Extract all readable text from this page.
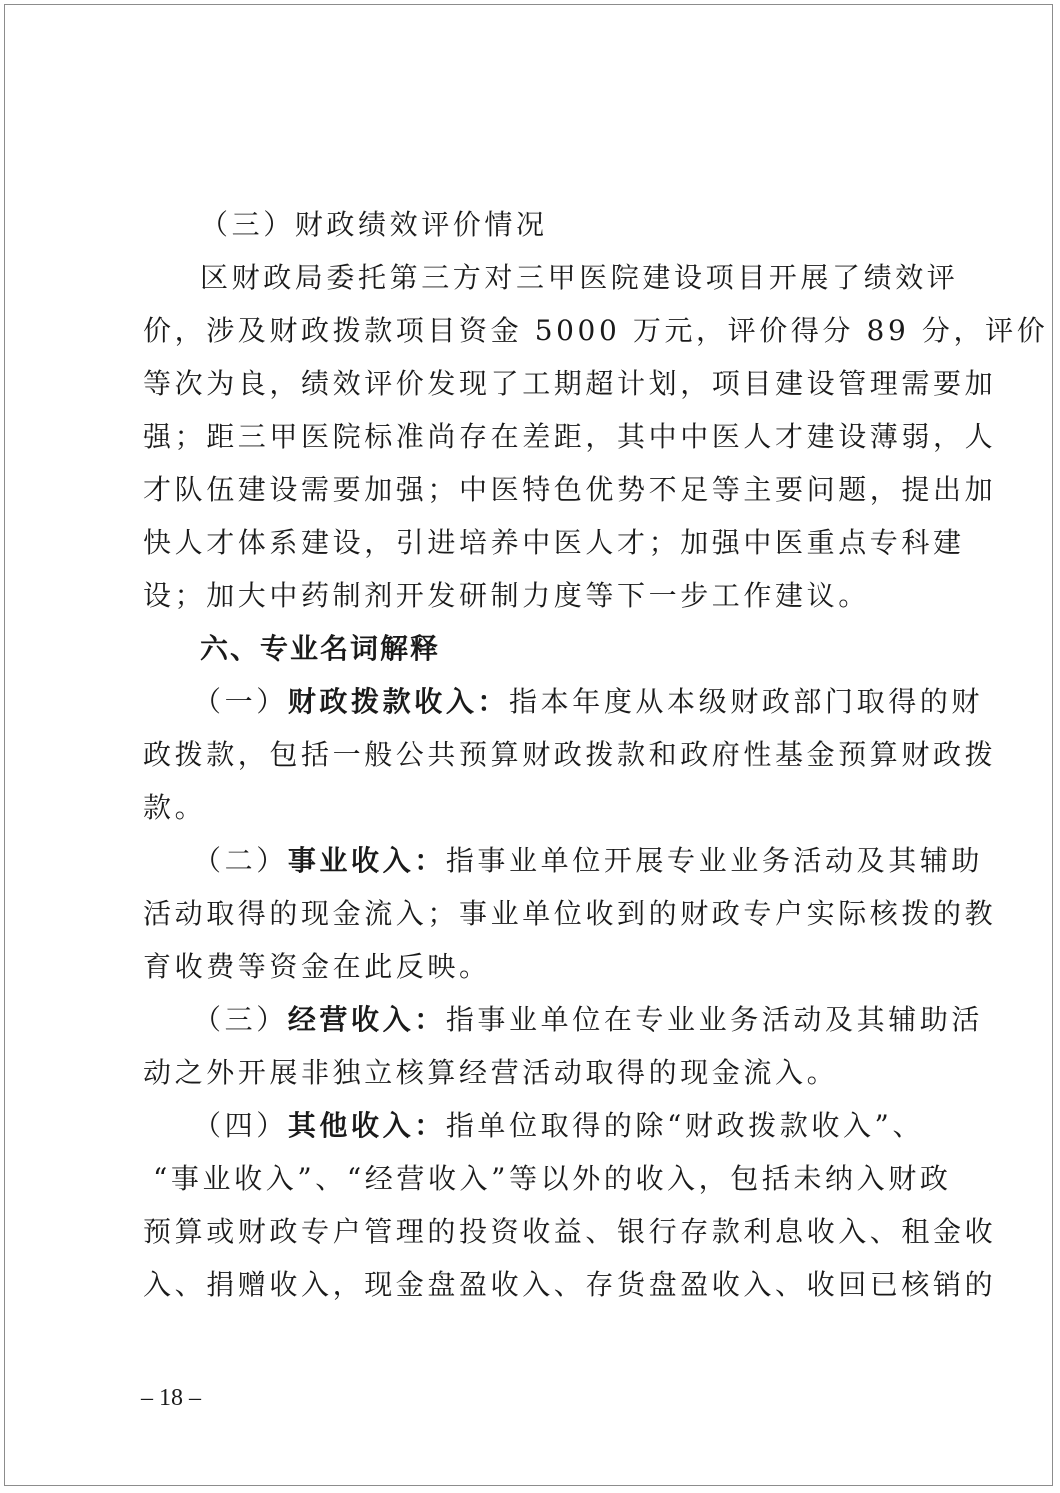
（三）财政绩效评价情况
区财政局委托第三方对三甲医院建设项目开展了绩效评
价，涉及财政拨款项目资金 5000 万元，评价得分 89 分，评价
等次为良，绩效评价发现了工期超计划，项目建设管理需要加
强；距三甲医院标准尚存在差距，其中中医人才建设薄弱，人
才队伍建设需要加强；中医特色优势不足等主要问题，提出加
快人才体系建设，引进培养中医人才；加强中医重点专科建
设；加大中药制剂开发研制力度等下一步工作建议。
六、专业名词解释
（一）财政拨款收入：指本年度从本级财政部门取得的财
政拨款，包括一般公共预算财政拨款和政府性基金预算财政拨
款。
（二）事业收入：指事业单位开展专业业务活动及其辅助
活动取得的现金流入；事业单位收到的财政专户实际核拨的教
育收费等资金在此反映。
（三）经营收入：指事业单位在专业业务活动及其辅助活
动之外开展非独立核算经营活动取得的现金流入。
（四）其他收入：指单位取得的除“财政拨款收入”、
“事业收入”、“经营收入”等以外的收入，包括未纳入财政
预算或财政专户管理的投资收益、银行存款利息收入、租金收
入、捐赠收入，现金盘盈收入、存货盘盈收入、收回已核销的
– 18 –
